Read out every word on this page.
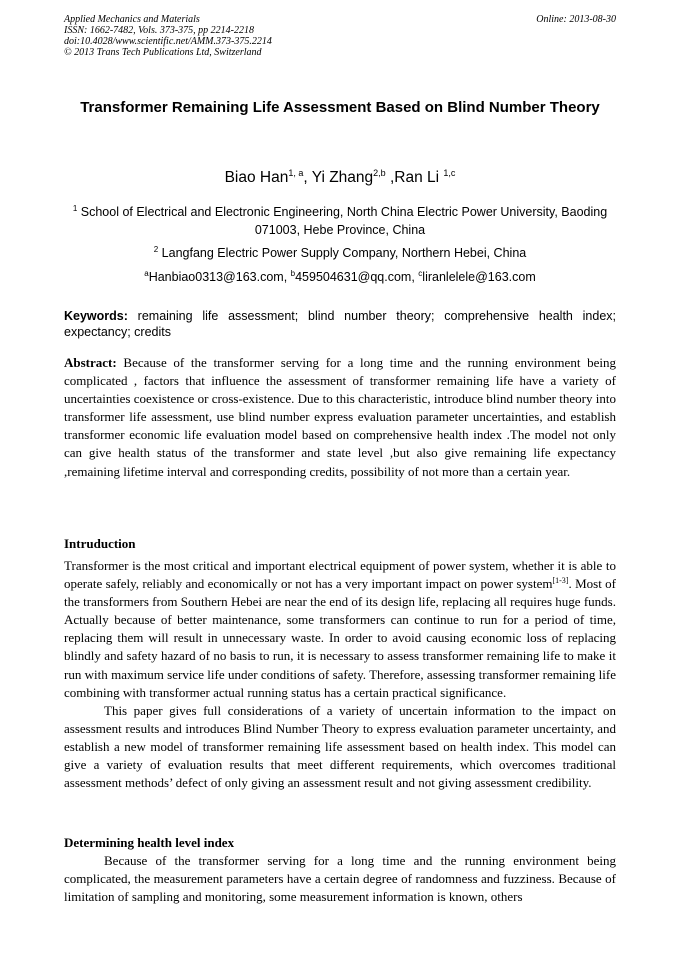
Applied Mechanics and Materials
ISSN: 1662-7482, Vols. 373-375, pp 2214-2218
doi:10.4028/www.scientific.net/AMM.373-375.2214
© 2013 Trans Tech Publications Ltd, Switzerland
Online: 2013-08-30
Transformer Remaining Life Assessment Based on Blind Number Theory
Biao Han$^{1, a}$, Yi Zhang$^{2,b}$ ,Ran Li $^{1,c}$
$^1$ School of Electrical and Electronic Engineering, North China Electric Power University, Baoding 071003, Hebe Province, China
$^2$ Langfang Electric Power Supply Company, Northern Hebei, China
$^a$Hanbiao0313@163.com, $^b$459504631@qq.com, $^c$liranlelele@163.com
Keywords: remaining life assessment; blind number theory; comprehensive health index; expectancy; credits

Abstract: Because of the transformer serving for a long time and the running environment being complicated , factors that influence the assessment of transformer remaining life have a variety of uncertainties coexistence or cross-existence. Due to this characteristic, introduce blind number theory into transformer life assessment, use blind number express evaluation parameter uncertainties, and establish transformer economic life evaluation model based on comprehensive health index .The model not only can give health status of the transformer and state level ,but also give remaining life expectancy ,remaining lifetime interval and corresponding credits, possibility of not more than a certain year.

Intruduction

Transformer is the most critical and important electrical equipment of power system, whether it is able to operate safely, reliably and economically or not has a very important impact on power system[1-3]. Most of the transformers from Southern Hebei are near the end of its design life, replacing all requires huge funds. Actually because of better maintenance, some transformers can continue to run for a period of time, replacing them will result in unnecessary waste. In order to avoid causing economic loss of replacing blindly and safety hazard of no basis to run, it is necessary to assess transformer remaining life to make it run with maximum service life under conditions of safety. Therefore, assessing transformer remaining life combining with transformer actual running status has a certain practical significance.

This paper gives full considerations of a variety of uncertain information to the impact on assessment results and introduces Blind Number Theory to express evaluation parameter uncertainty, and establish a new model of transformer remaining life assessment based on health index. This model can give a variety of evaluation results that meet different requirements, which overcomes traditional assessment methods’ defect of only giving an assessment result and not giving assessment credibility.

Determining health level index

Because of the transformer serving for a long time and the running environment being complicated, the measurement parameters have a certain degree of randomness and fuzziness. Because of limitation of sampling and monitoring, some measurement information is known, others
